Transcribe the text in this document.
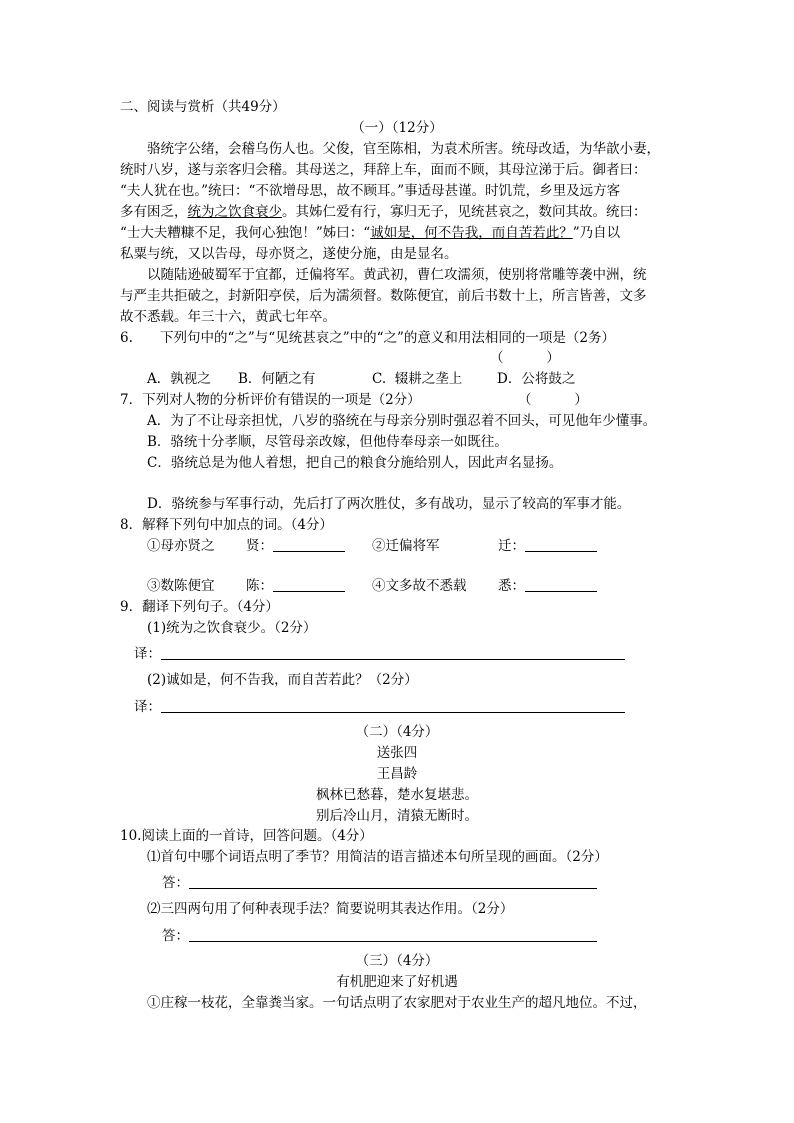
二、阅读与赏析（共49分）
（一）（12分）
骆统字公绪，会稽乌伤人也。父俊，官至陈相，为袁术所害。统母改适，为华歆小妻，
统时八岁，遂与亲客归会稽。其母送之，拜辞上车，面而不顾，其母泣涕于后。御者曰：
“夫人犹在也。”统曰：“不欲增母思，故不顾耳。”事适母甚谨。时饥荒，乡里及远方客
多有困乏，统为之饮食衰少。其姊仁爱有行，寡归无子，见统甚哀之，数问其故。统曰：
“士大夫糟糠不足，我何心独饱！”姊曰：“诚如是，何不告我，而自苦若此？”乃自以
私粟与统，又以告母，母亦贤之，遂使分施，由是显名。
以随陆逊破蜀军于宜都，迁偏将军。黄武初，曹仁攻濡须，使别将常雕等袭中洲，统
与严圭共拒破之，封新阳亭侯，后为濡须督。数陈便宜，前后书数十上，所言皆善，文多
故不悉载。年三十六，黄武七年卒。
6. 下列句中的“之”与“见统甚哀之”中的“之”的意义和用法相同的一项是（2务）
（          ）
A．孰视之 B．何陋之有	C.  辍耕之垄上	D．公将鼓之
7．下列对人物的分析评价有错误的一项是（2分）	（          ）
A．为了不让母亲担忧，八岁的骆统在与母亲分别时强忍着不回头，可见他年少懂事。
B．骆统十分孝顺，尽管母亲改嫁，但他侍奉母亲一如既往。
C．骆统总是为他人着想，把自己的粮食分施给别人，因此声名显扬。
D．骆统参与军事行动，先后打了两次胜仗，多有战功，显示了较高的军事才能。
8．解释下列句中加点的词。（4分）
①母亦贤之 贤：	②迁偏将军	迁：
③数陈便宜 陈：	④文多故不悉载 悉：
9．翻译下列句子。（4分）
(1)统为之饮食衰少。（2分）
译：
(2)诚如是，何不告我，而自苦若此？（2分）
译：
（二）（4分）
送张四
王昌龄
枫林已愁暮，楚水复堪悲。
别后冷山月，清猿无断时。
10.阅读上面的一首诗，回答问题。（4分）
⑴首句中哪个词语点明了季节？用简洁的语言描述本句所呈现的画面。（2分）
答：
⑵三四两句用了何种表现手法？简要说明其表达作用。（2分）
答：
（三）（4分）
有机肥迎来了好机遇
①庄稼一枝花，全靠粪当家。一句话点明了农家肥对于农业生产的超凡地位。不过，
